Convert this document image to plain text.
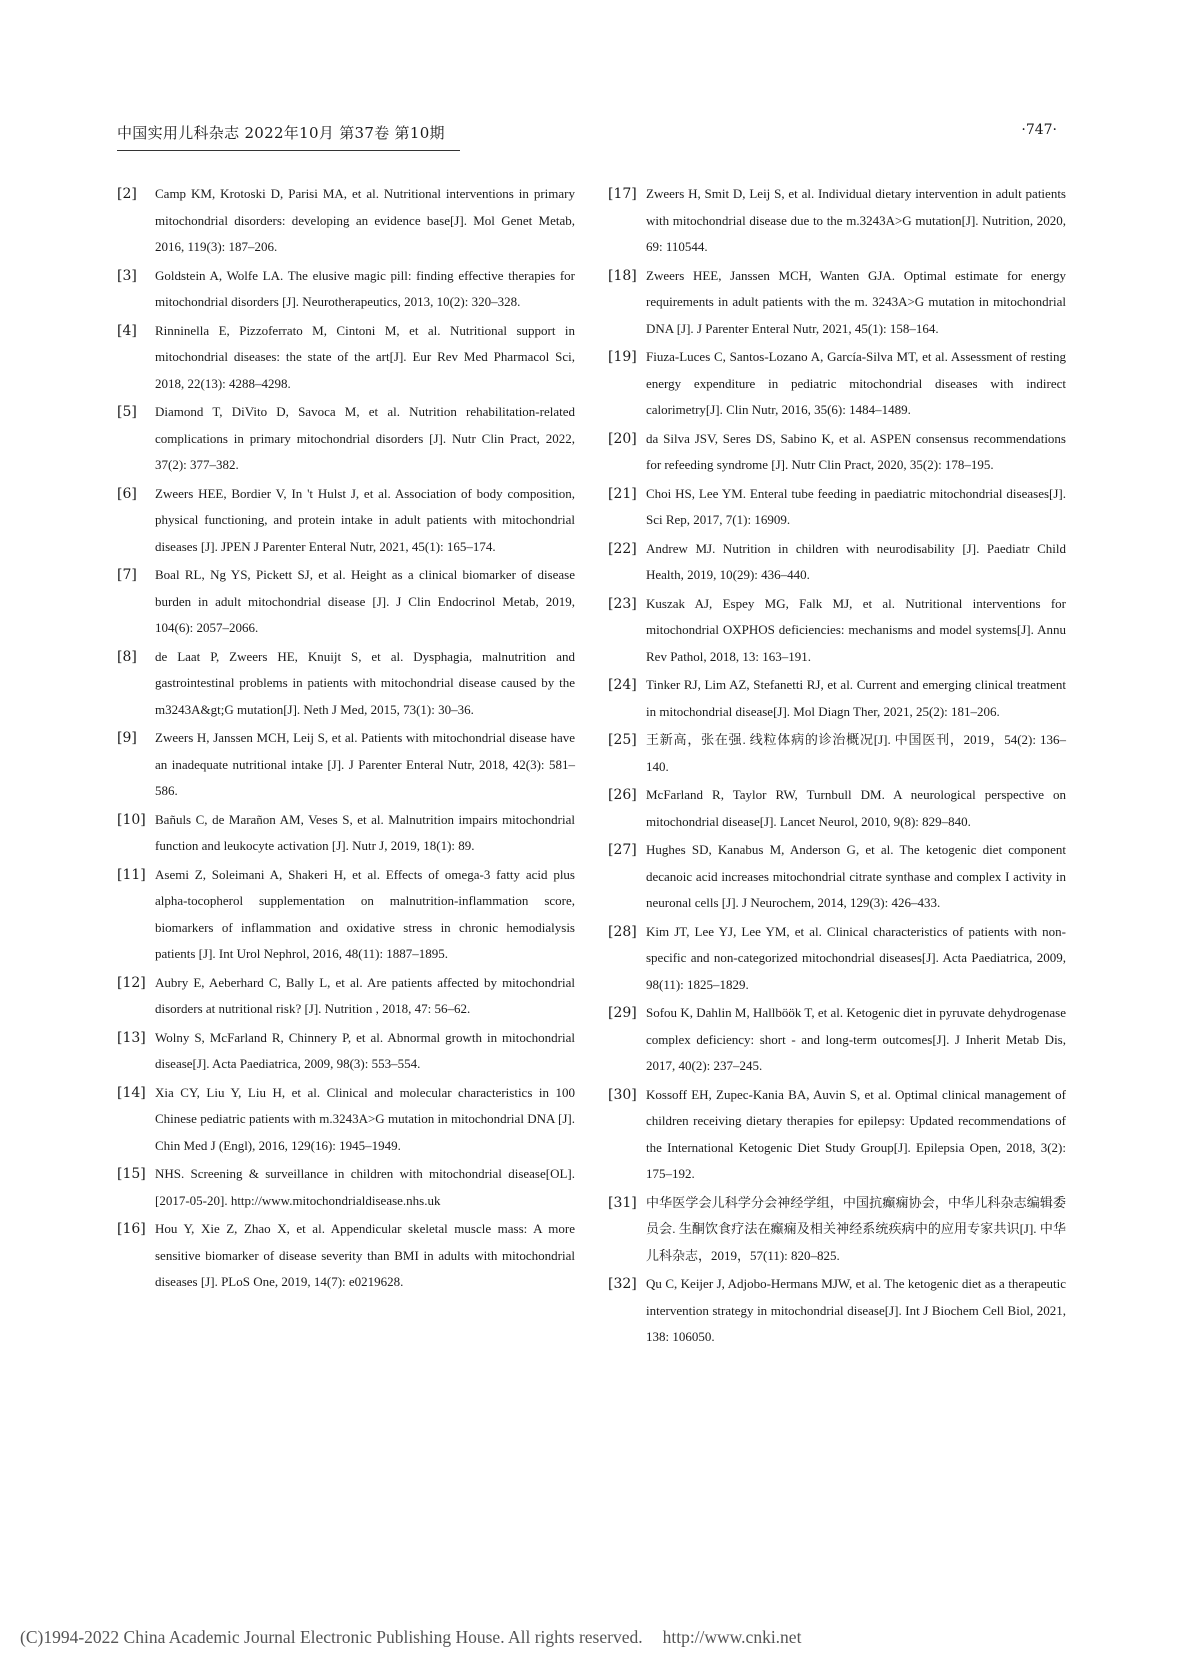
中国实用儿科杂志 2022年10月 第37卷 第10期	·747·
[2]	Camp KM, Krotoski D, Parisi MA, et al. Nutritional interventions in primary mitochondrial disorders: developing an evidence base[J]. Mol Genet Metab, 2016, 119(3): 187–206.
[3]	Goldstein A, Wolfe LA. The elusive magic pill: finding effective therapies for mitochondrial disorders [J]. Neurotherapeutics, 2013, 10(2): 320–328.
[4]	Rinninella E, Pizzoferrato M, Cintoni M, et al. Nutritional support in mitochondrial diseases: the state of the art[J]. Eur Rev Med Pharmacol Sci, 2018, 22(13): 4288–4298.
[5]	Diamond T, DiVito D, Savoca M, et al. Nutrition rehabilitation-related complications in primary mitochondrial disorders [J]. Nutr Clin Pract, 2022, 37(2): 377–382.
[6]	Zweers HEE, Bordier V, In 't Hulst J, et al. Association of body composition, physical functioning, and protein intake in adult patients with mitochondrial diseases [J]. JPEN J Parenter Enteral Nutr, 2021, 45(1): 165–174.
[7]	Boal RL, Ng YS, Pickett SJ, et al. Height as a clinical biomarker of disease burden in adult mitochondrial disease [J]. J Clin Endocrinol Metab, 2019, 104(6): 2057–2066.
[8]	de Laat P, Zweers HE, Knuijt S, et al. Dysphagia, malnutrition and gastrointestinal problems in patients with mitochondrial disease caused by the m3243A&gt;G mutation[J]. Neth J Med, 2015, 73(1): 30–36.
[9]	Zweers H, Janssen MCH, Leij S, et al. Patients with mitochondrial disease have an inadequate nutritional intake [J]. J Parenter Enteral Nutr, 2018, 42(3): 581–586.
[10] Bañuls C, de Marañon AM, Veses S, et al. Malnutrition impairs mitochondrial function and leukocyte activation [J]. Nutr J, 2019, 18(1): 89.
[11] Asemi Z, Soleimani A, Shakeri H, et al. Effects of omega-3 fatty acid plus alpha-tocopherol supplementation on malnutrition-inflammation score, biomarkers of inflammation and oxidative stress in chronic hemodialysis patients [J]. Int Urol Nephrol, 2016, 48(11): 1887–1895.
[12] Aubry E, Aeberhard C, Bally L, et al. Are patients affected by mitochondrial disorders at nutritional risk? [J]. Nutrition , 2018, 47: 56–62.
[13] Wolny S, McFarland R, Chinnery P, et al. Abnormal growth in mitochondrial disease[J]. Acta Paediatrica, 2009, 98(3): 553–554.
[14] Xia CY, Liu Y, Liu H, et al. Clinical and molecular characteristics in 100 Chinese pediatric patients with m.3243A>G mutation in mitochondrial DNA [J]. Chin Med J (Engl), 2016, 129(16): 1945–1949.
[15] NHS. Screening & surveillance in children with mitochondrial disease[OL]. [2017-05-20]. http://www.mitochondrialdisease.nhs.uk
[16] Hou Y, Xie Z, Zhao X, et al. Appendicular skeletal muscle mass: A more sensitive biomarker of disease severity than BMI in adults with mitochondrial diseases [J]. PLoS One, 2019, 14(7): e0219628.
[17] Zweers H, Smit D, Leij S, et al. Individual dietary intervention in adult patients with mitochondrial disease due to the m.3243A>G mutation[J]. Nutrition, 2020, 69: 110544.
[18] Zweers HEE, Janssen MCH, Wanten GJA. Optimal estimate for energy requirements in adult patients with the m. 3243A>G mutation in mitochondrial DNA [J]. J Parenter Enteral Nutr, 2021, 45(1): 158–164.
[19] Fiuza-Luces C, Santos-Lozano A, García-Silva MT, et al. Assessment of resting energy expenditure in pediatric mitochondrial diseases with indirect calorimetry[J]. Clin Nutr, 2016, 35(6): 1484–1489.
[20] da Silva JSV, Seres DS, Sabino K, et al. ASPEN consensus recommendations for refeeding syndrome [J]. Nutr Clin Pract, 2020, 35(2): 178–195.
[21] Choi HS, Lee YM. Enteral tube feeding in paediatric mitochondrial diseases[J]. Sci Rep, 2017, 7(1): 16909.
[22] Andrew MJ. Nutrition in children with neurodisability [J]. Paediatr Child Health, 2019, 10(29): 436–440.
[23] Kuszak AJ, Espey MG, Falk MJ, et al. Nutritional interventions for mitochondrial OXPHOS deficiencies: mechanisms and model systems[J]. Annu Rev Pathol, 2018, 13: 163–191.
[24] Tinker RJ, Lim AZ, Stefanetti RJ, et al. Current and emerging clinical treatment in mitochondrial disease[J]. Mol Diagn Ther, 2021, 25(2): 181–206.
[25] 王新高，张在强. 线粒体病的诊治概况[J]. 中国医刊，2019，54(2): 136–140.
[26] McFarland R, Taylor RW, Turnbull DM. A neurological perspective on mitochondrial disease[J]. Lancet Neurol, 2010, 9(8): 829–840.
[27] Hughes SD, Kanabus M, Anderson G, et al. The ketogenic diet component decanoic acid increases mitochondrial citrate synthase and complex I activity in neuronal cells [J]. J Neurochem, 2014, 129(3): 426–433.
[28] Kim JT, Lee YJ, Lee YM, et al. Clinical characteristics of patients with non-specific and non-categorized mitochondrial diseases[J]. Acta Paediatrica, 2009, 98(11): 1825–1829.
[29] Sofou K, Dahlin M, Hallböök T, et al. Ketogenic diet in pyruvate dehydrogenase complex deficiency: short - and long-term outcomes[J]. J Inherit Metab Dis, 2017, 40(2): 237–245.
[30] Kossoff EH, Zupec-Kania BA, Auvin S, et al. Optimal clinical management of children receiving dietary therapies for epilepsy: Updated recommendations of the International Ketogenic Diet Study Group[J]. Epilepsia Open, 2018, 3(2): 175–192.
[31] 中华医学会儿科学分会神经学组，中国抗癫痫协会，中华儿科杂志编辑委员会. 生酮饮食疗法在癫痫及相关神经系统疾病中的应用专家共识[J]. 中华儿科杂志，2019，57(11): 820–825.
[32] Qu C, Keijer J, Adjobo-Hermans MJW, et al. The ketogenic diet as a therapeutic intervention strategy in mitochondrial disease[J]. Int J Biochem Cell Biol, 2021, 138: 106050.
(C)1994-2022 China Academic Journal Electronic Publishing House. All rights reserved. http://www.cnki.net
